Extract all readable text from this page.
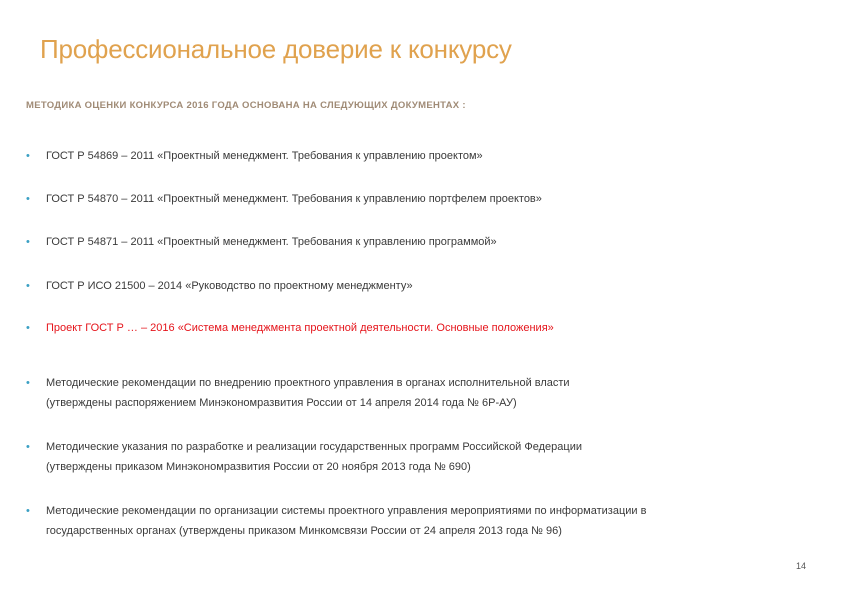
Профессиональное доверие к конкурсу
МЕТОДИКА ОЦЕНКИ КОНКУРСА 2016 ГОДА ОСНОВАНА НА СЛЕДУЮЩИХ ДОКУМЕНТАХ :
•	ГОСТ Р 54869 – 2011 «Проектный менеджмент. Требования к управлению проектом»
•	ГОСТ Р 54870 – 2011 «Проектный менеджмент. Требования к управлению портфелем проектов»
•	ГОСТ Р 54871 – 2011 «Проектный менеджмент. Требования к управлению программой»
•	ГОСТ Р ИСО 21500 – 2014 «Руководство по проектному менеджменту»
•	Проект ГОСТ Р … – 2016 «Система менеджмента проектной деятельности. Основные положения»
•	Методические рекомендации по внедрению проектного управления в органах исполнительной власти
(утверждены распоряжением Минэкономразвития России от 14 апреля 2014 года № 6Р-АУ)
•	Методические указания по разработке и реализации государственных программ Российской Федерации
(утверждены приказом Минэкономразвития России от 20 ноября 2013 года № 690)
•	Методические рекомендации по организации системы проектного управления мероприятиями по информатизации в
государственных органах (утверждены приказом Минкомсвязи России от 24 апреля 2013 года № 96)
14
